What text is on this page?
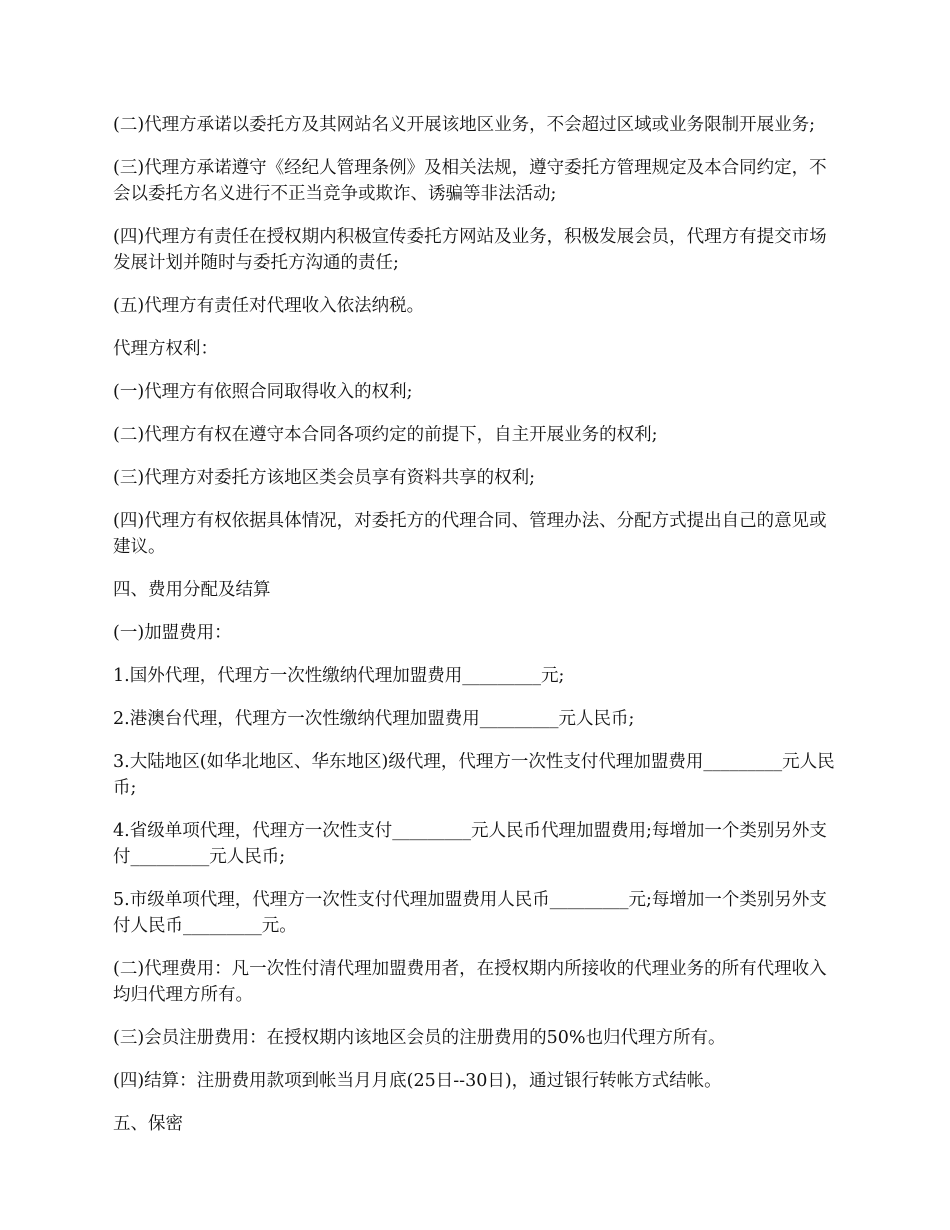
(二)代理方承诺以委托方及其网站名义开展该地区业务，不会超过区域或业务限制开展业务;

(三)代理方承诺遵守《经纪人管理条例》及相关法规，遵守委托方管理规定及本合同约定，不会以委托方名义进行不正当竞争或欺诈、诱骗等非法活动;

(四)代理方有责任在授权期内积极宣传委托方网站及业务，积极发展会员，代理方有提交市场发展计划并随时与委托方沟通的责任;

(五)代理方有责任对代理收入依法纳税。

代理方权利：

(一)代理方有依照合同取得收入的权利;

(二)代理方有权在遵守本合同各项约定的前提下，自主开展业务的权利;

(三)代理方对委托方该地区类会员享有资料共享的权利;

(四)代理方有权依据具体情况，对委托方的代理合同、管理办法、分配方式提出自己的意见或建议。

四、费用分配及结算

(一)加盟费用：

1.国外代理，代理方一次性缴纳代理加盟费用_________元;

2.港澳台代理，代理方一次性缴纳代理加盟费用_________元人民币;

3.大陆地区(如华北地区、华东地区)级代理，代理方一次性支付代理加盟费用_________元人民币;

4.省级单项代理，代理方一次性支付_________元人民币代理加盟费用;每增加一个类别另外支付_________元人民币;

5.市级单项代理，代理方一次性支付代理加盟费用人民币_________元;每增加一个类别另外支付人民币_________元。

(二)代理费用：凡一次性付清代理加盟费用者，在授权期内所接收的代理业务的所有代理收入均归代理方所有。

(三)会员注册费用：在授权期内该地区会员的注册费用的50%也归代理方所有。

(四)结算：注册费用款项到帐当月月底(25日--30日)，通过银行转帐方式结帐。

五、保密
